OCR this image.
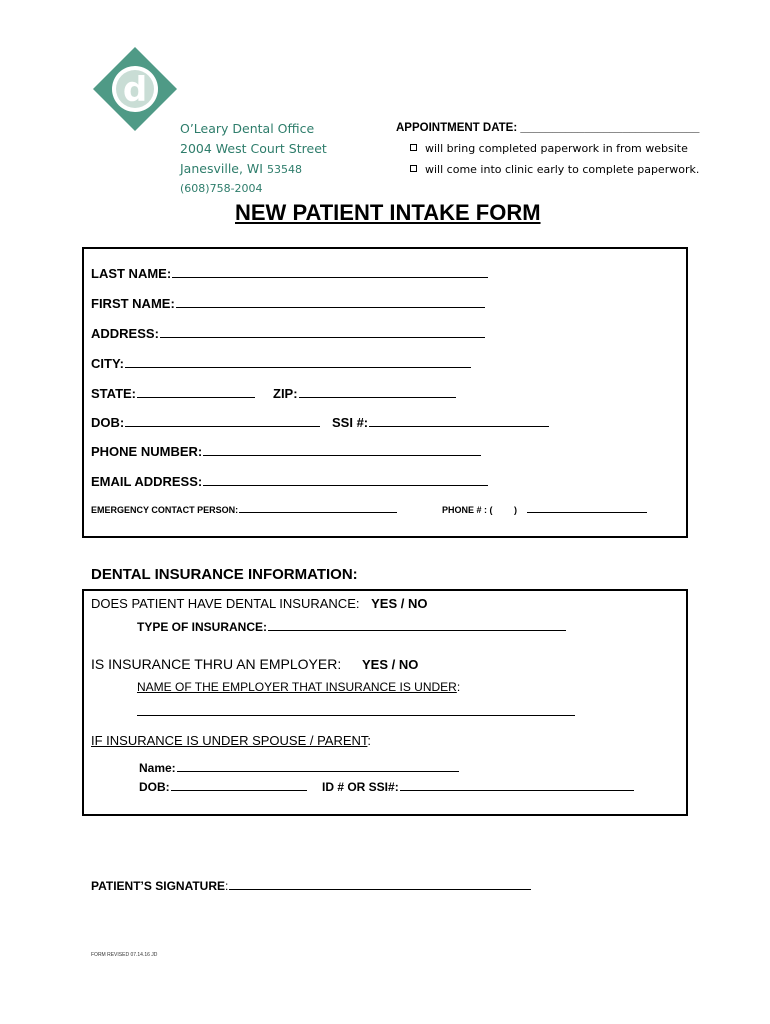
d
O’Leary Dental Office
2004 West Court Street
Janesville, WI 53548
(608)758-2004
APPOINTMENT DATE: ____________________________
will bring completed paperwork in from website
will come into clinic early to complete paperwork.
NEW PATIENT INTAKE FORM
LAST NAME:
FIRST NAME:
ADDRESS:
CITY:
STATE:	ZIP:
DOB:	SSI #:
PHONE NUMBER:
EMAIL ADDRESS:
EMERGENCY CONTACT PERSON:	PHONE # : ( )
DENTAL INSURANCE INFORMATION:
DOES PATIENT HAVE DENTAL INSURANCE: YES / NO
TYPE OF INSURANCE:
IS INSURANCE THRU AN EMPLOYER: YES / NO
NAME OF THE EMPLOYER THAT INSURANCE IS UNDER:
IF INSURANCE IS UNDER SPOUSE / PARENT:
Name:
DOB:	ID # OR SSI#:
PATIENT’S SIGNATURE :
FORM REVISED 07.14.16 JD
